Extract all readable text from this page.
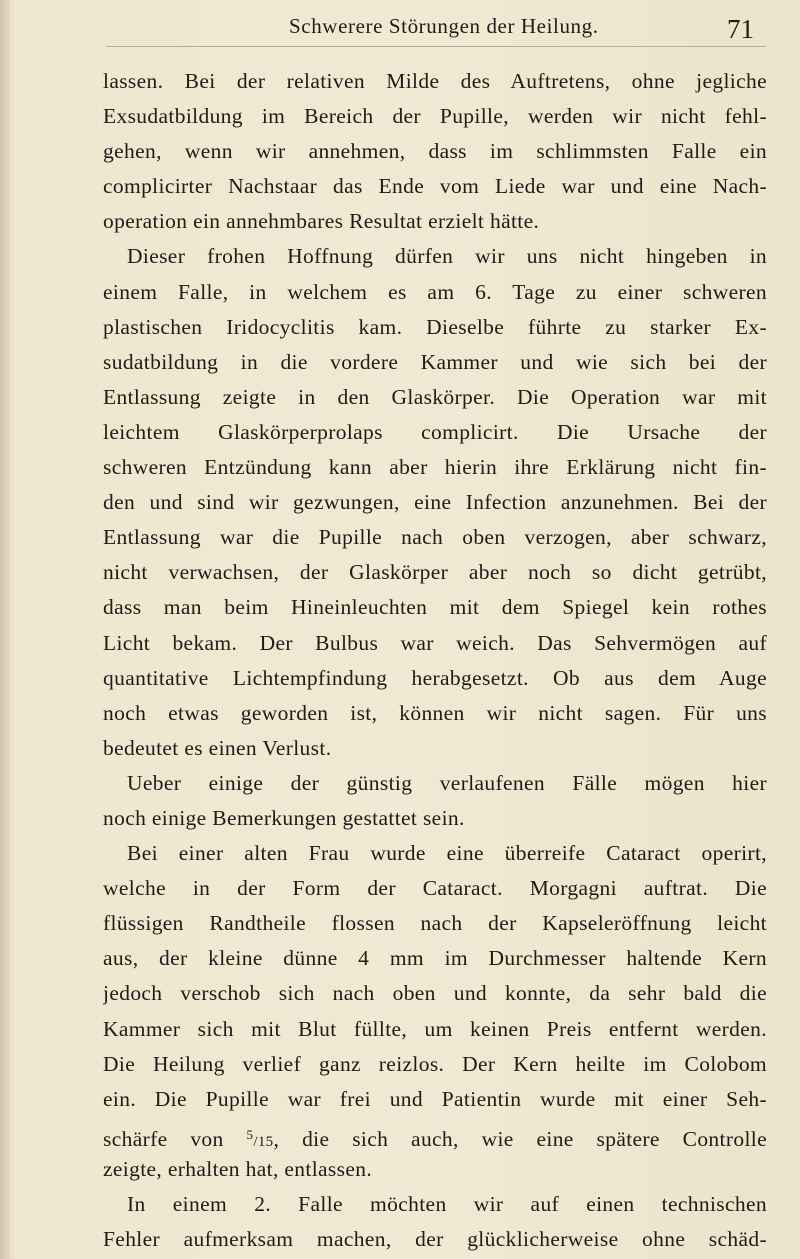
Schwerere Störungen der Heilung.	71
lassen. Bei der relativen Milde des Auftretens, ohne jegliche
Exsudatbildung im Bereich der Pupille, werden wir nicht fehl-
gehen, wenn wir annehmen, dass im schlimmsten Falle ein
complicirter Nachstaar das Ende vom Liede war und eine Nach-
operation ein annehmbares Resultat erzielt hätte.
Dieser frohen Hoffnung dürfen wir uns nicht hingeben in
einem Falle, in welchem es am 6. Tage zu einer schweren
plastischen Iridocyclitis kam. Dieselbe führte zu starker Ex-
sudatbildung in die vordere Kammer und wie sich bei der
Entlassung zeigte in den Glaskörper. Die Operation war mit
leichtem Glaskörperprolaps complicirt. Die Ursache der
schweren Entzündung kann aber hierin ihre Erklärung nicht fin-
den und sind wir gezwungen, eine Infection anzunehmen. Bei der
Entlassung war die Pupille nach oben verzogen, aber schwarz,
nicht verwachsen, der Glaskörper aber noch so dicht getrübt,
dass man beim Hineinleuchten mit dem Spiegel kein rothes
Licht bekam. Der Bulbus war weich. Das Sehvermögen auf
quantitative Lichtempfindung herabgesetzt. Ob aus dem Auge
noch etwas geworden ist, können wir nicht sagen. Für uns
bedeutet es einen Verlust.
Ueber einige der günstig verlaufenen Fälle mögen hier
noch einige Bemerkungen gestattet sein.
Bei einer alten Frau wurde eine überreife Cataract operirt,
welche in der Form der Cataract. Morgagni auftrat. Die
flüssigen Randtheile flossen nach der Kapseleröffnung leicht
aus, der kleine dünne 4 mm im Durchmesser haltende Kern
jedoch verschob sich nach oben und konnte, da sehr bald die
Kammer sich mit Blut füllte, um keinen Preis entfernt werden.
Die Heilung verlief ganz reizlos. Der Kern heilte im Colobom
ein. Die Pupille war frei und Patientin wurde mit einer Seh-
schärfe von $^5$/15, die sich auch, wie eine spätere Controlle
zeigte, erhalten hat, entlassen.
In einem 2. Falle möchten wir auf einen technischen
Fehler aufmerksam machen, der glücklicherweise ohne schäd-
